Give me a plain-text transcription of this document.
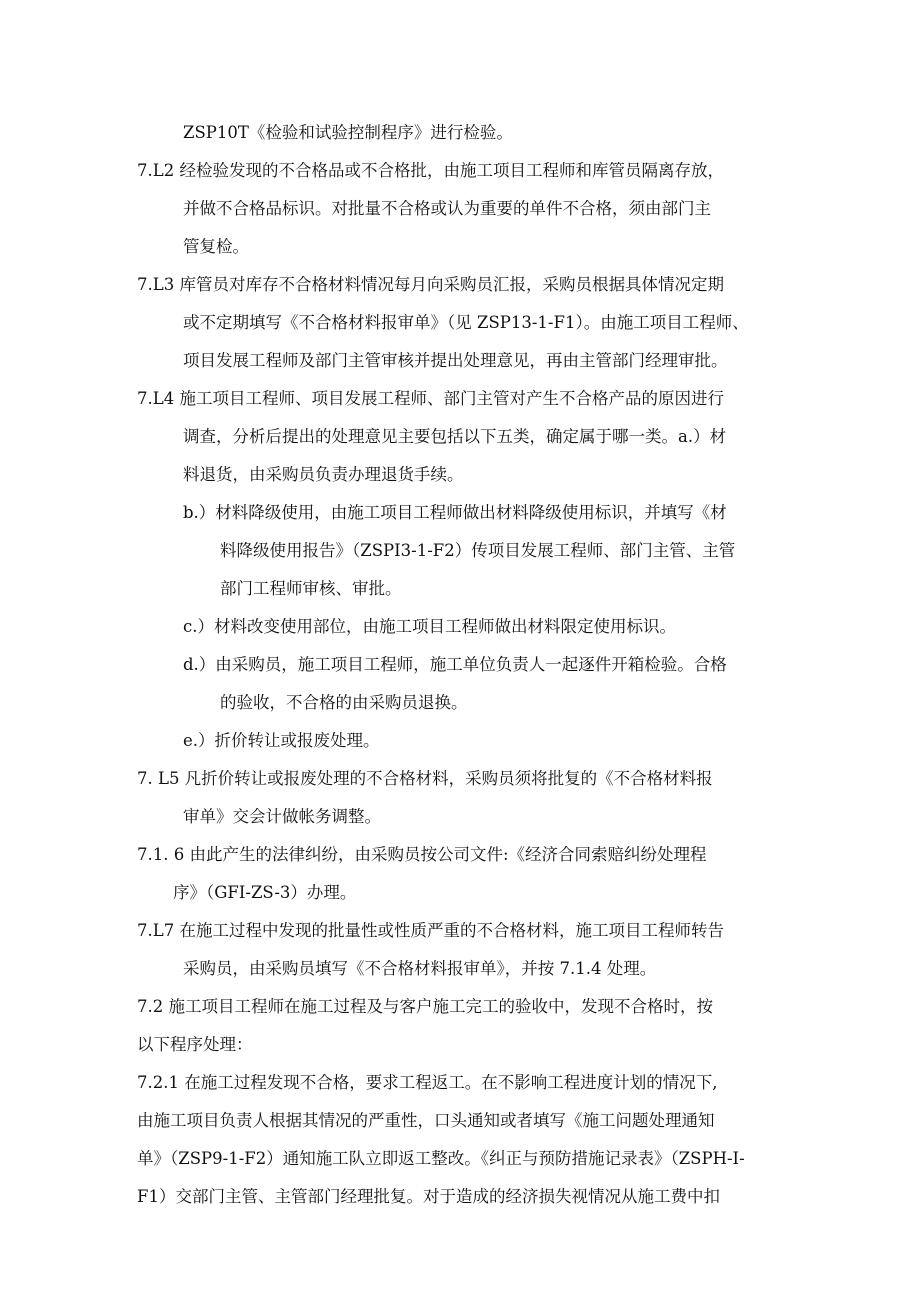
ZSP10T《检验和试验控制程序》进行检验。
7.L2 经检验发现的不合格品或不合格批，由施工项目工程师和库管员隔离存放，
并做不合格品标识。对批量不合格或认为重要的单件不合格，须由部门主
管复检。
7.L3 库管员对库存不合格材料情况每月向采购员汇报，采购员根据具体情况定期
或不定期填写《不合格材料报审单》（见 ZSP13-1-F1）。由施工项目工程师、
项目发展工程师及部门主管审核并提出处理意见，再由主管部门经理审批。
7.L4 施工项目工程师、项目发展工程师、部门主管对产生不合格产品的原因进行
调查，分析后提出的处理意见主要包括以下五类，确定属于哪一类。a.）材
料退货，由采购员负责办理退货手续。
b.）材料降级使用，由施工项目工程师做出材料降级使用标识，并填写《材
料降级使用报告》（ZSPI3-1-F2）传项目发展工程师、部门主管、主管
部门工程师审核、审批。
c.）材料改变使用部位，由施工项目工程师做出材料限定使用标识。
d.）由采购员，施工项目工程师，施工单位负责人一起逐件开箱检验。合格
的验收，不合格的由采购员退换。
e.）折价转让或报废处理。
7. L5 凡折价转让或报废处理的不合格材料，采购员须将批复的《不合格材料报
审单》交会计做帐务调整。
7.1. 6 由此产生的法律纠纷，由采购员按公司文件:《经济合同索赔纠纷处理程
序》（GFI-ZS-3）办理。
7.L7 在施工过程中发现的批量性或性质严重的不合格材料，施工项目工程师转告
采购员，由采购员填写《不合格材料报审单》，并按 7.1.4 处理。
7.2 施工项目工程师在施工过程及与客户施工完工的验收中，发现不合格时，按
以下程序处理：
7.2.1 在施工过程发现不合格，要求工程返工。在不影响工程进度计划的情况下,
由施工项目负责人根据其情况的严重性，口头通知或者填写《施工问题处理通知
单》（ZSP9-1-F2）通知施工队立即返工整改。《纠正与预防措施记录表》（ZSPH-I-
F1）交部门主管、主管部门经理批复。对于造成的经济损失视情况从施工费中扣
